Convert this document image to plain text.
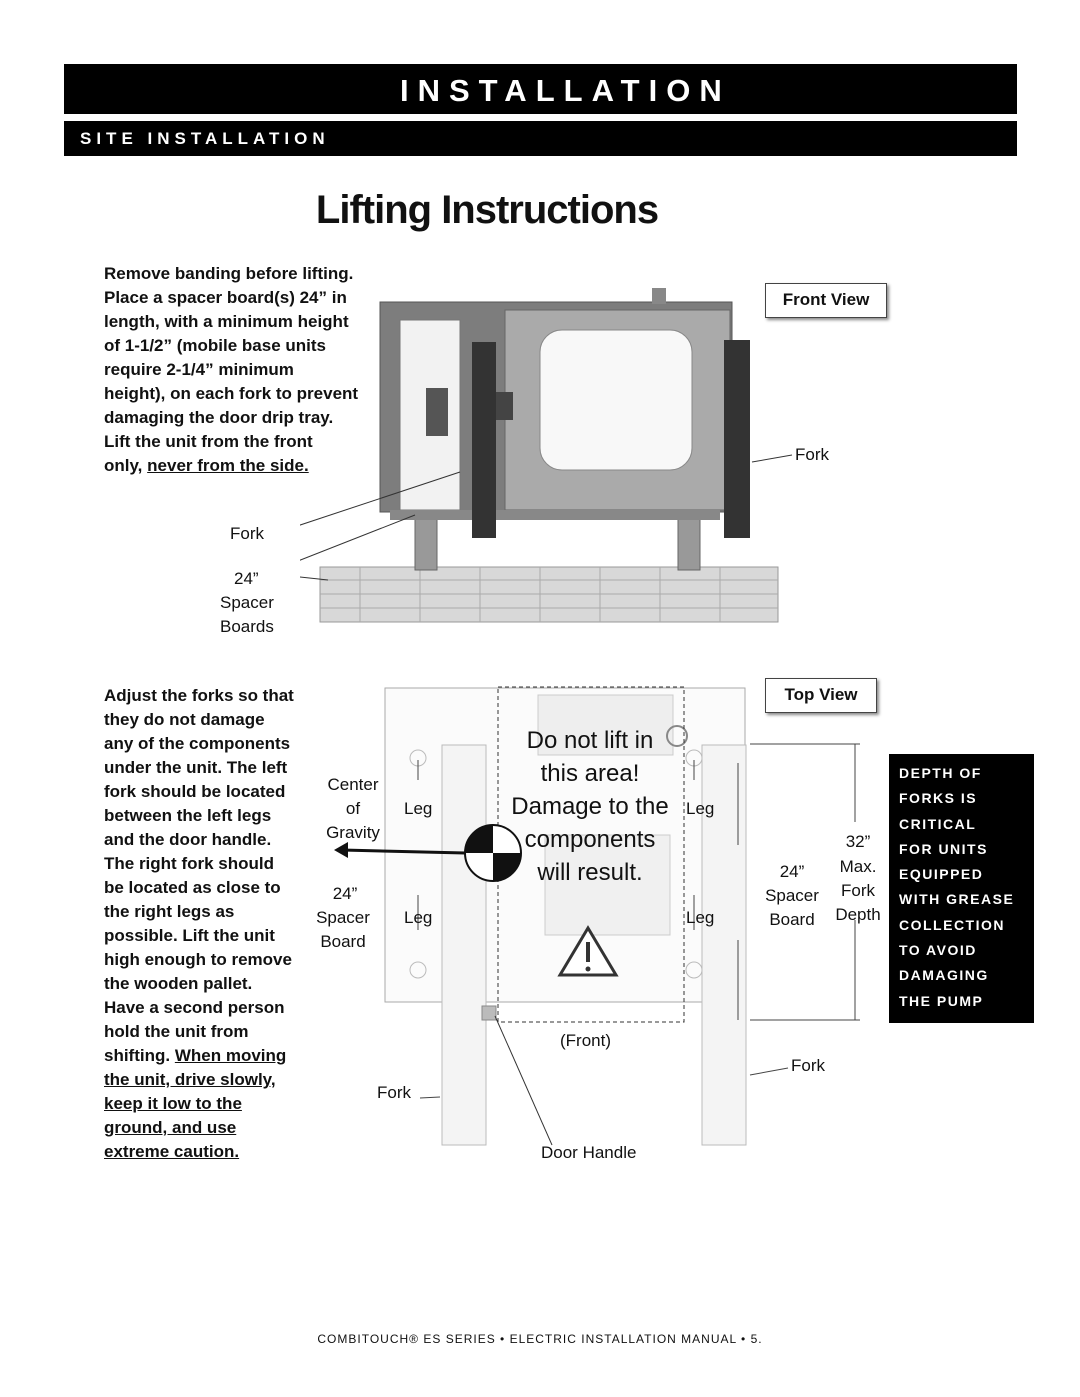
INSTALLATION
SITE INSTALLATION
Lifting Instructions
Remove banding before lifting.
Place a spacer board(s) 24” in
length, with a minimum height
of 1-1/2” (mobile base units
require 2-1/4” minimum
height), on each fork to prevent
damaging the door drip tray.
Lift the unit from the front
only, never from the side.
Front View
Fork
Fork
24”
Spacer
Boards
Adjust the forks so that
they do not damage
any of the components
under the unit. The left
fork should be located
between the left legs
and the door handle.
The right fork should
be located as close to
the right legs as
possible. Lift the unit
high enough to remove
the wooden pallet.
Have a second person
hold the unit from
shifting. When moving
the unit, drive slowly,
keep it low to the
ground, and use
extreme caution.
Top View
Do not lift in
this area!
Damage to the
components
will result.
Center
of
Gravity
Leg	Leg
Leg	Leg
24”
Spacer
Board
24”
Spacer
Board
32”
Max.
Fork
Depth
Fork
Fork
(Front)
Door Handle
DEPTH OF
FORKS IS
CRITICAL
FOR UNITS
EQUIPPED
WITH GREASE
COLLECTION
TO AVOID
DAMAGING
THE PUMP
COMBITOUCH® ES SERIES • ELECTRIC INSTALLATION MANUAL • 5.
